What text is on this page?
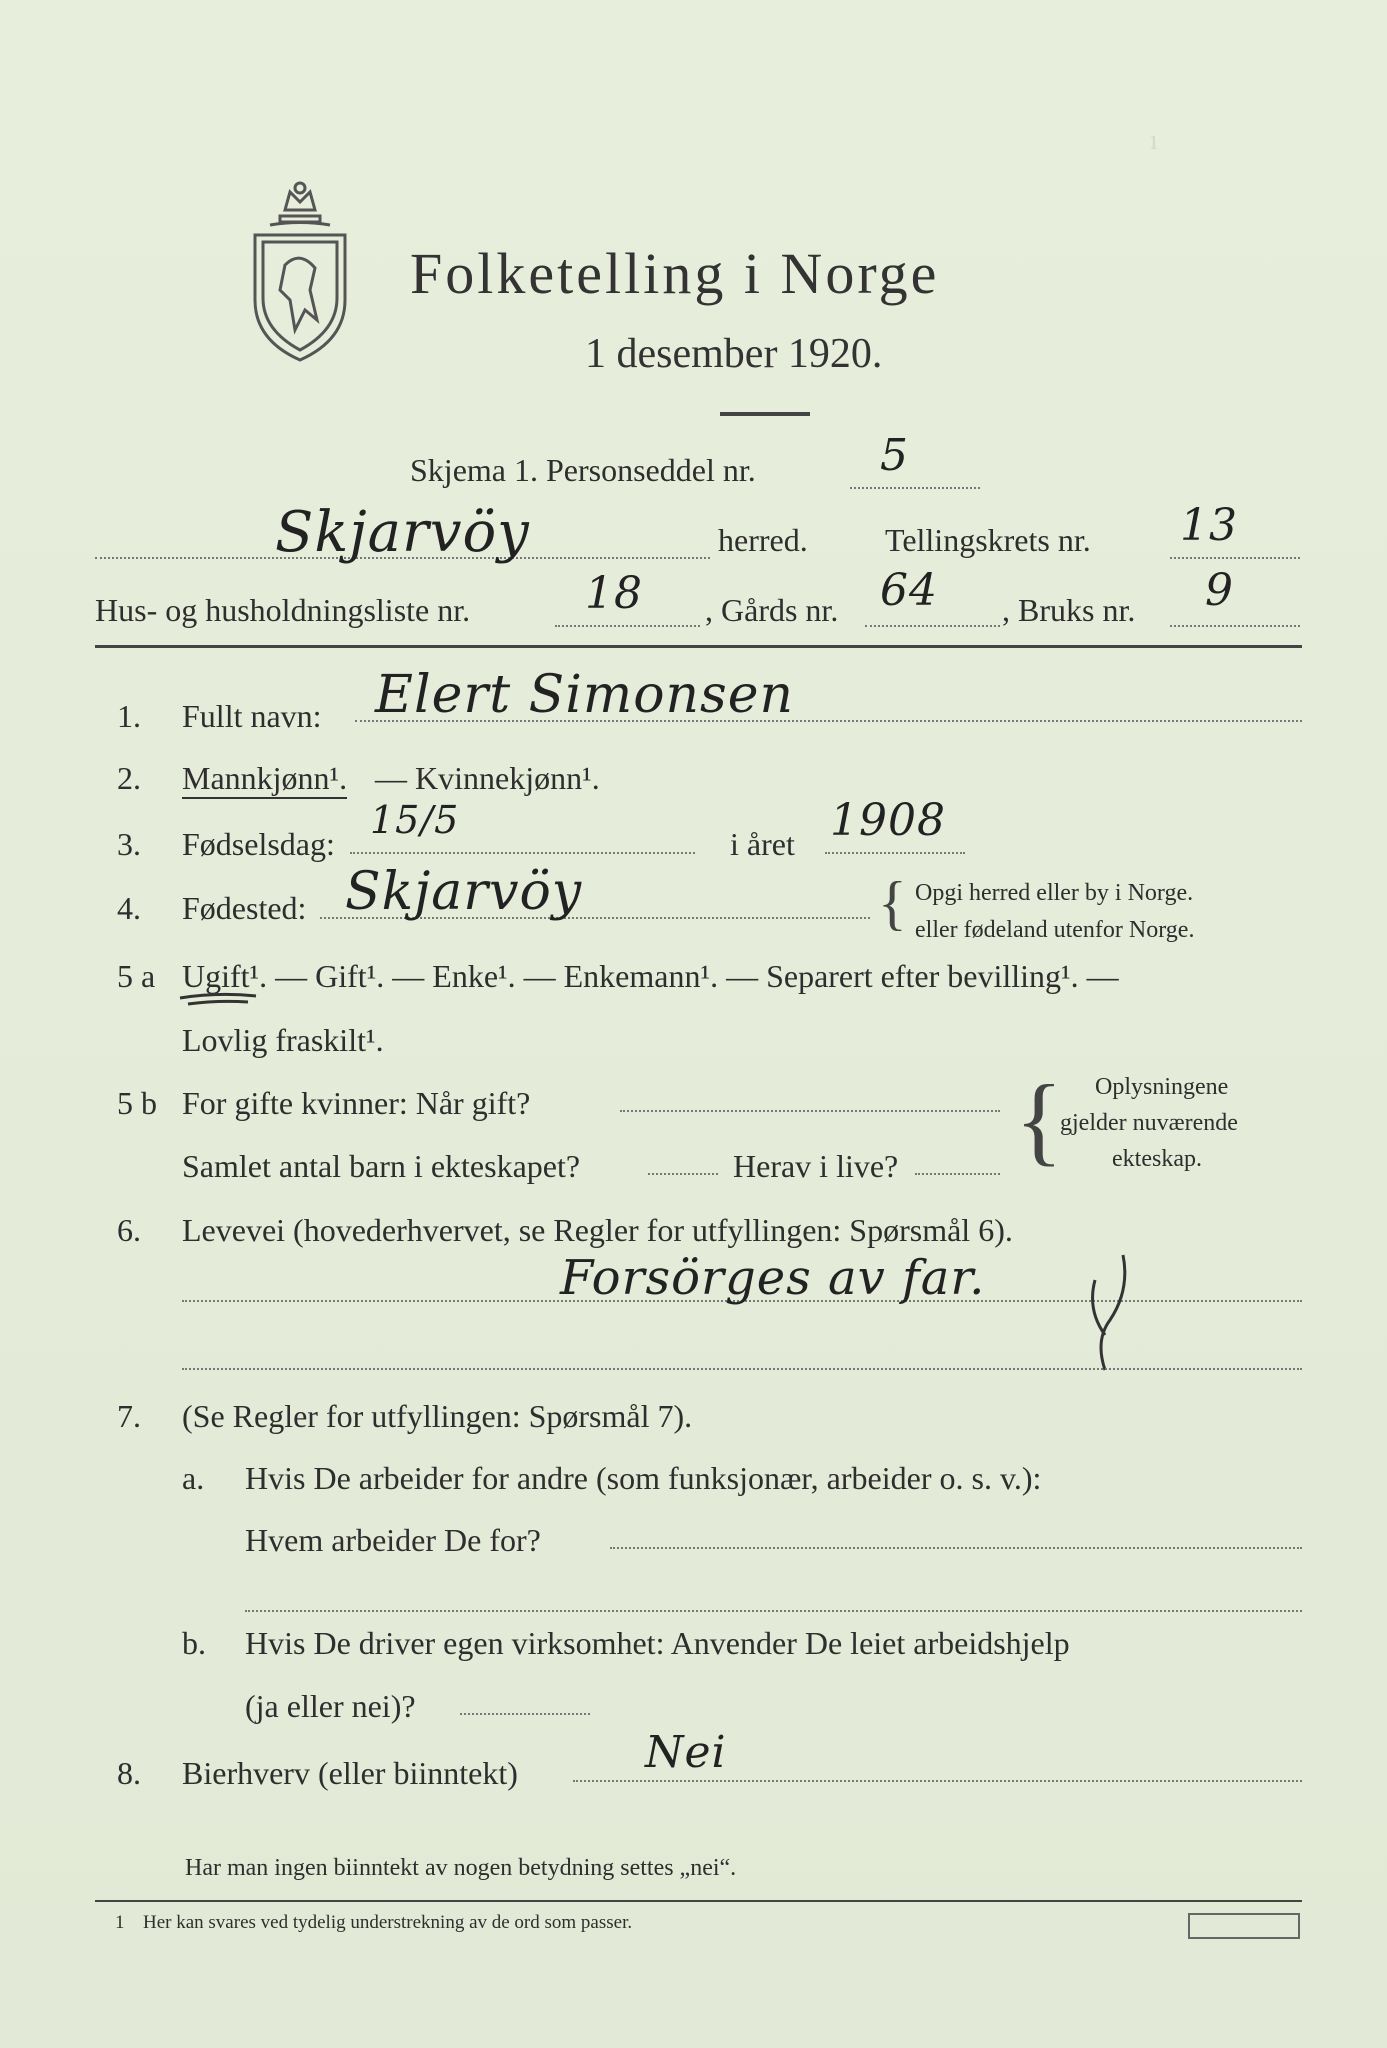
ı
Folketelling i Norge
1 desember 1920.
Skjema 1. Personseddel nr.	5
Skjarvöy	herred. Tellingskrets nr. 13
Hus- og husholdningsliste nr.	18 , Gårds nr. 64 , Bruks nr. 9
1. Fullt navn: Elert Simonsen
2. Mannkjønn¹. — Kvinnekjønn¹.
3. Fødselsdag:
15/5
i året 1908
4. Fødested: Skjarvöy	{ Opgi herred eller by i Norge.
eller fødeland utenfor Norge.
5 a Ugift¹. — Gift¹. — Enke¹. — Enkemann¹. — Separert efter bevilling¹. —
Lovlig fraskilt¹.
5 b For gifte kvinner: Når gift?
Samlet antal barn i ekteskapet?	Herav i live? { Oplysningene
gjelder nuværende
ekteskap.
6. Levevei (hovederhvervet, se Regler for utfyllingen: Spørsmål 6).
Forsörges av far.
7. (Se Regler for utfyllingen: Spørsmål 7).
a. Hvis De arbeider for andre (som funksjonær, arbeider o. s. v.):
Hvem arbeider De for?
b. Hvis De driver egen virksomhet: Anvender De leiet arbeidshjelp
(ja eller nei)?
8. Bierhverv (eller biinntekt)	Nei
Har man ingen biinntekt av nogen betydning settes „nei“.
1 Her kan svares ved tydelig understrekning av de ord som passer.
